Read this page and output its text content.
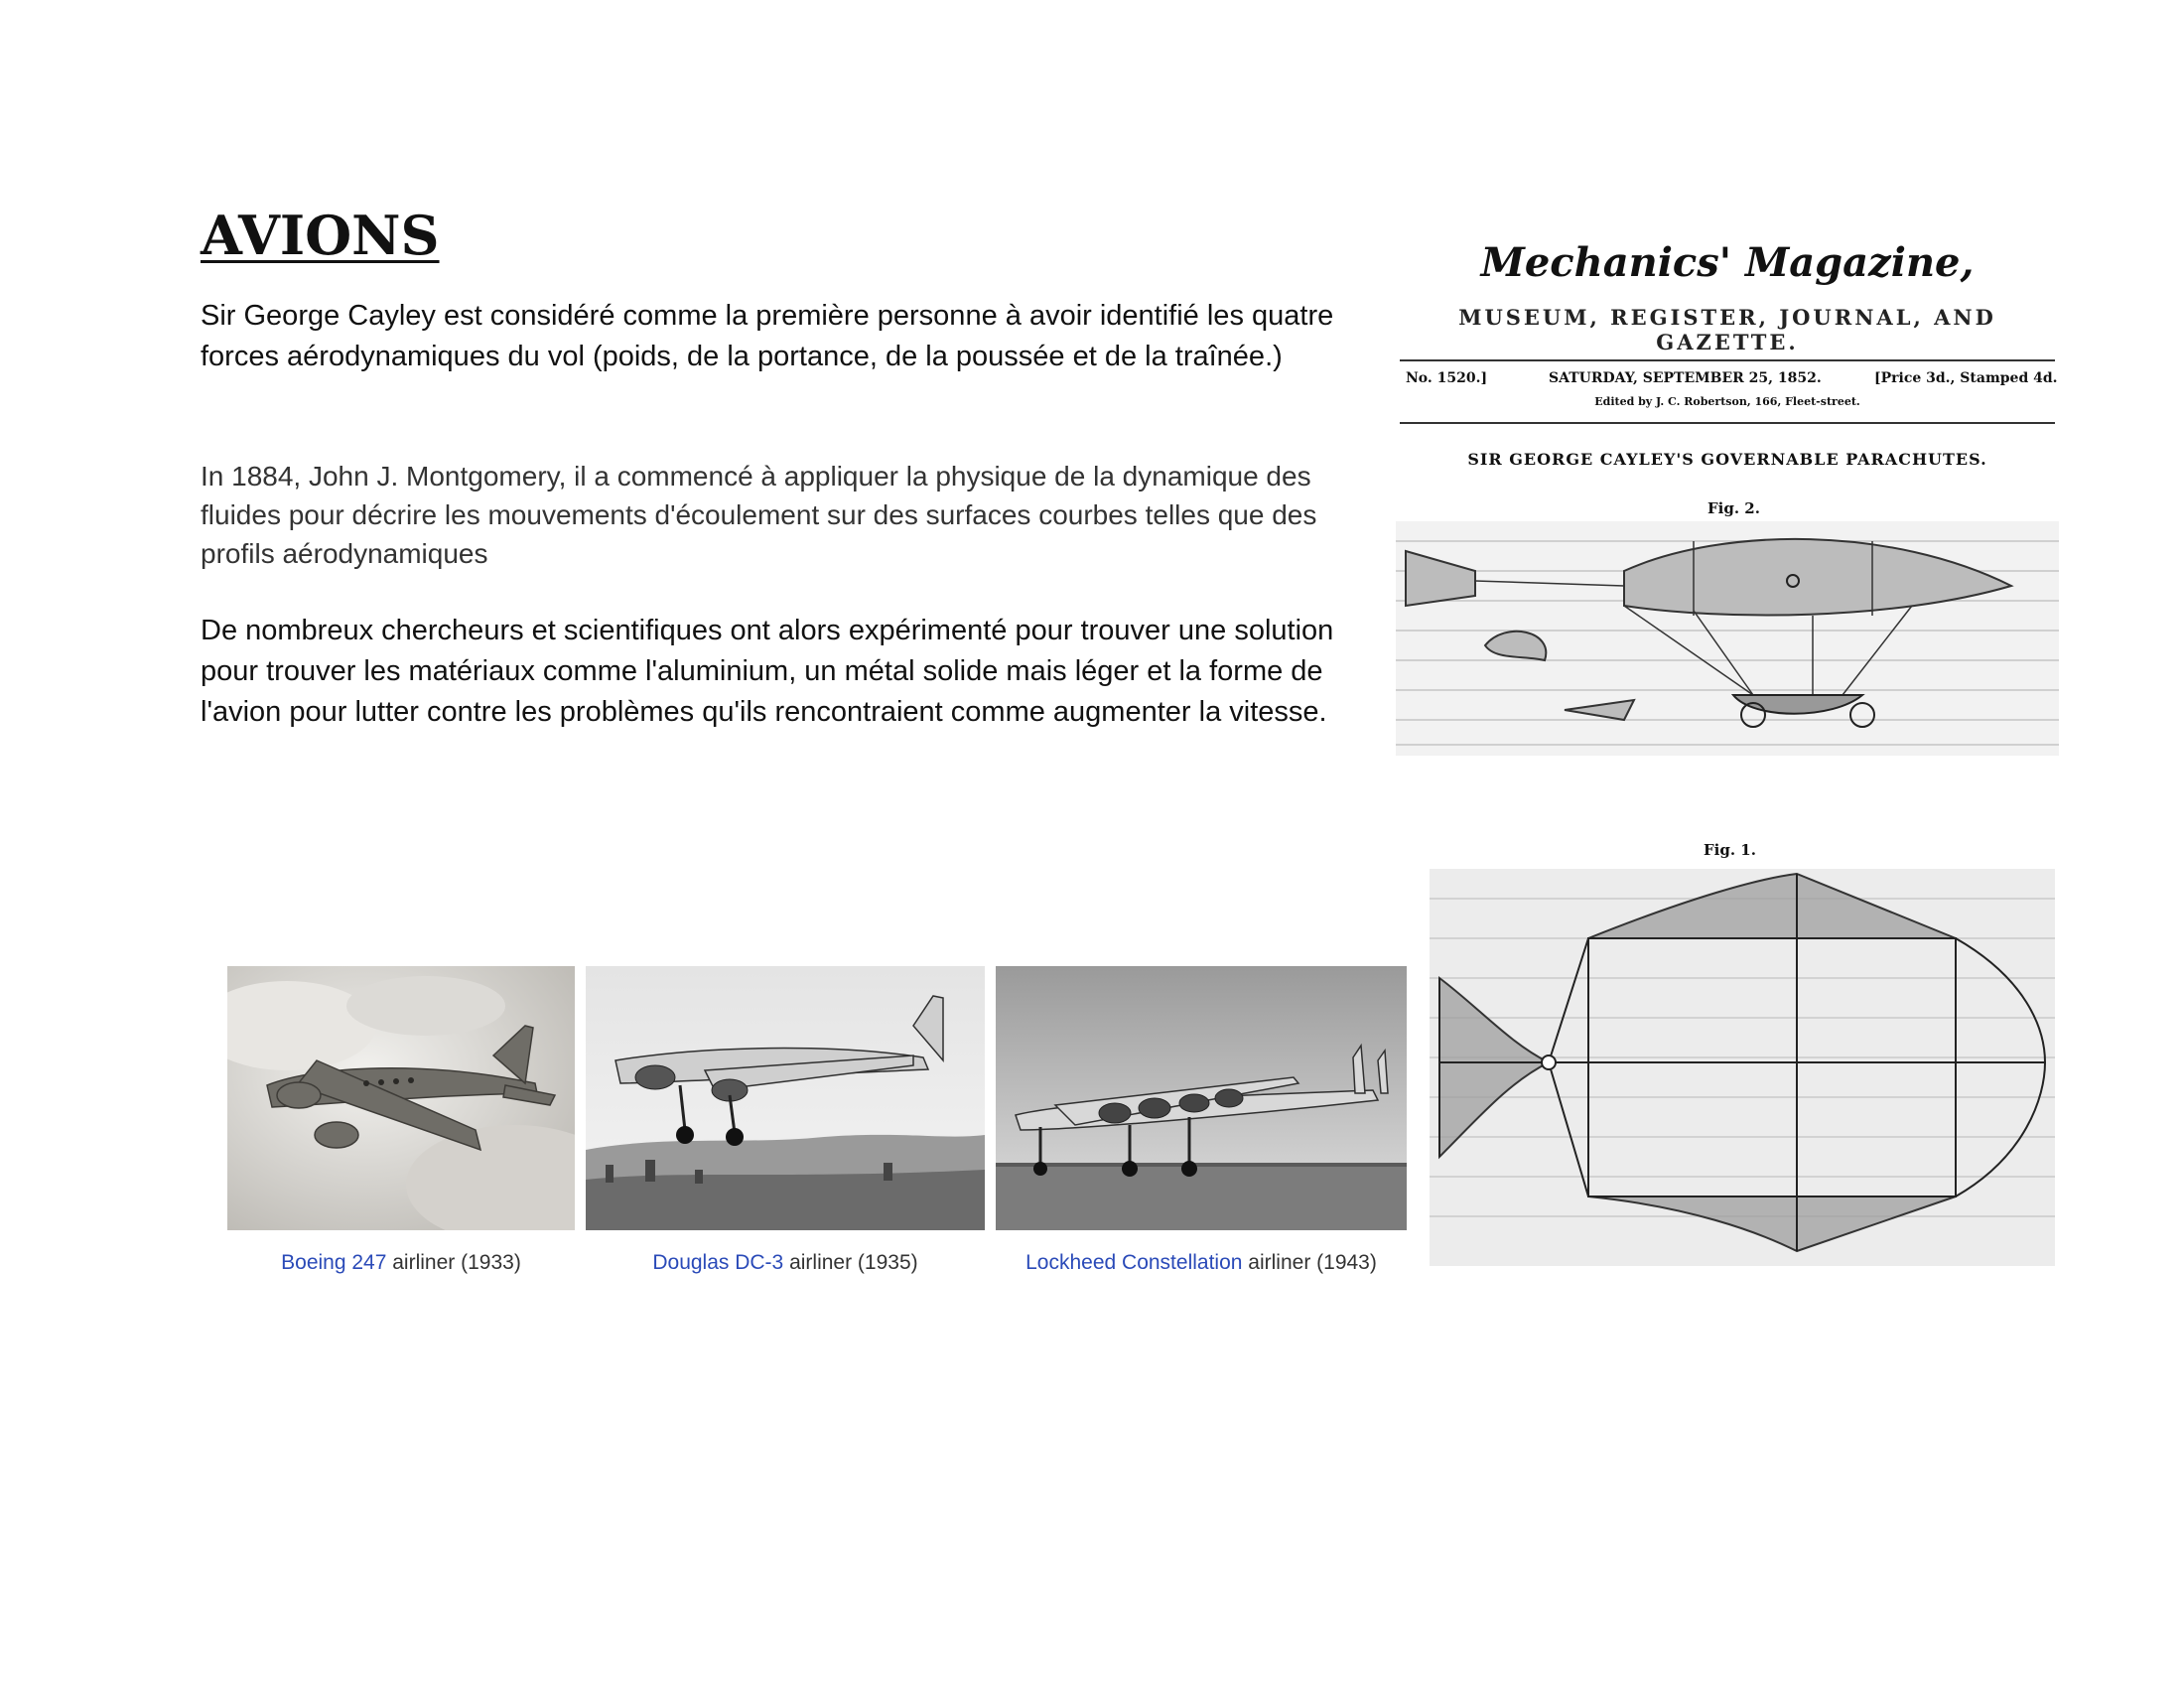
AVIONS

Sir George Cayley est considéré comme la première personne à avoir identifié les quatre forces aérodynamiques du vol (poids, de la portance, de la poussée et de la traînée.)

In 1884, John J. Montgomery, il a commencé à appliquer la physique de la dynamique des fluides pour décrire les mouvements d'écoulement sur des surfaces courbes telles que des profils aérodynamiques

De nombreux chercheurs et scientifiques ont alors expérimenté pour trouver une solution pour trouver les matériaux comme l'aluminium, un métal solide mais léger et la forme de l'avion pour lutter contre les problèmes qu'ils rencontraient comme augmenter la vitesse.

Boeing 247 airliner (1933)	Douglas DC-3 airliner (1935)	Lockheed Constellation airliner (1943)
Mechanics' Magazine,
MUSEUM, REGISTER, JOURNAL, AND GAZETTE.
No. 1520.]	SATURDAY, SEPTEMBER 25, 1852.	[Price 3d., Stamped 4d.
Edited by J. C. Robertson, 166, Fleet-street.
SIR GEORGE CAYLEY'S GOVERNABLE PARACHUTES.
Fig. 2.
Fig. 1.
